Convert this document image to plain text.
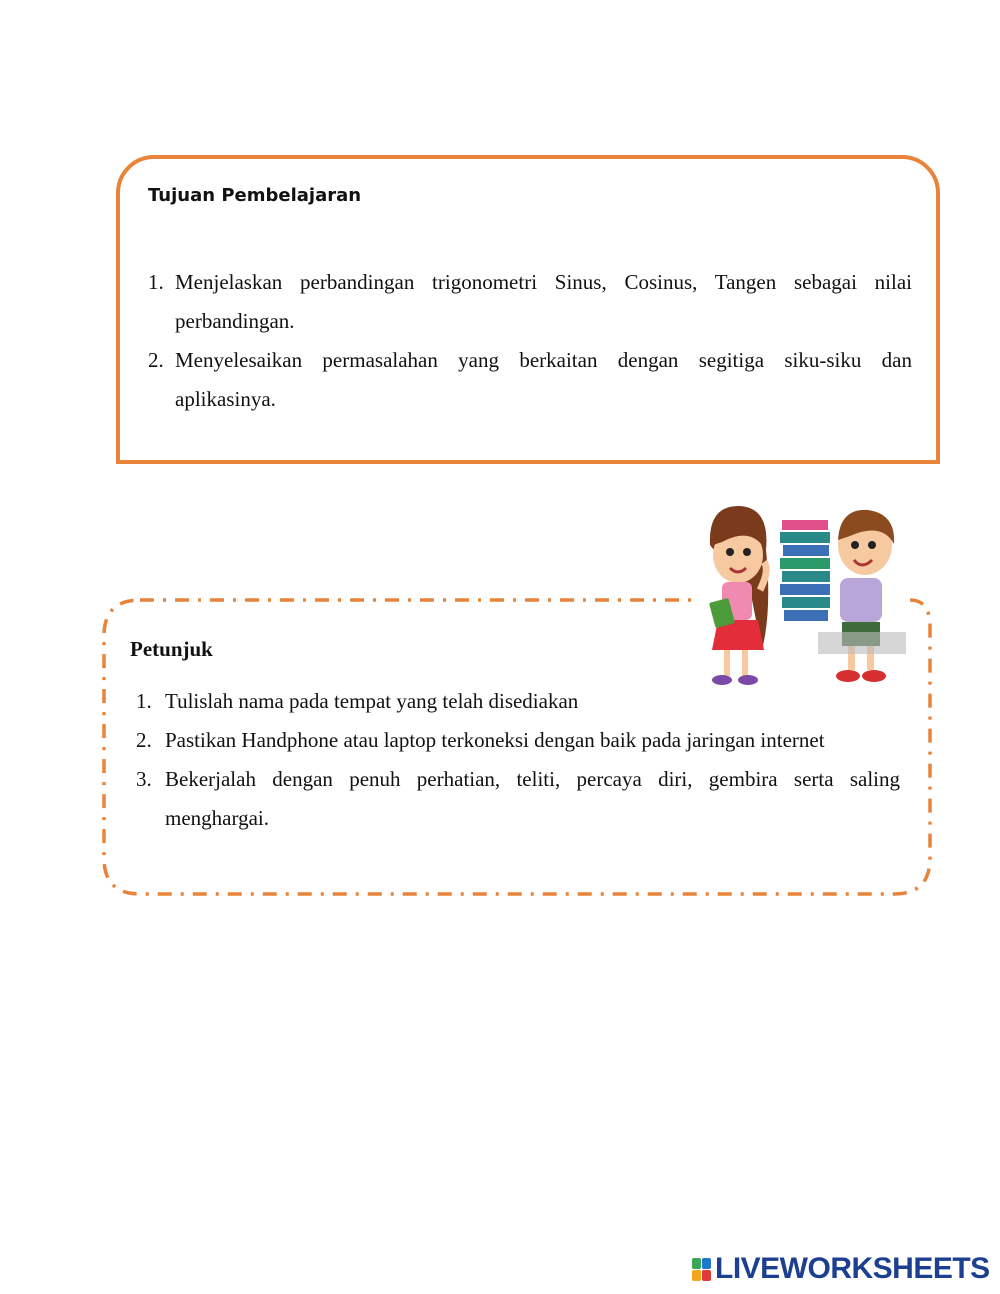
Tujuan Pembelajaran
1. Menjelaskan perbandingan trigonometri Sinus, Cosinus, Tangen sebagai nilai
perbandingan.
2. Menyelesaikan permasalahan yang berkaitan dengan segitiga siku-siku dan
aplikasinya.
Petunjuk
1. Tulislah nama pada tempat yang telah disediakan
2. Pastikan Handphone atau laptop terkoneksi dengan baik pada jaringan internet
3. Bekerjalah dengan penuh perhatian, teliti, percaya diri, gembira serta saling
menghargai.
LIVEWORKSHEETS
